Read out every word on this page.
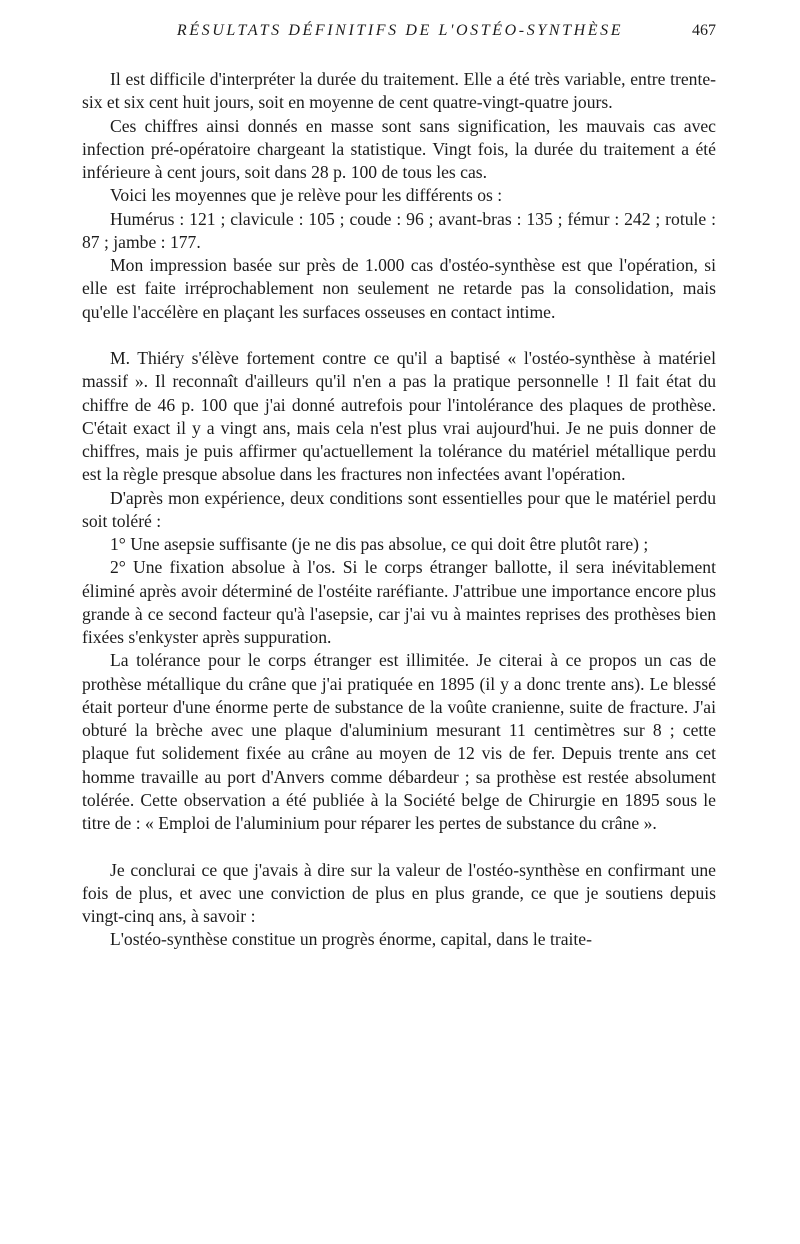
RÉSULTATS DÉFINITIFS DE L'OSTÉO-SYNTHÈSE	467

Il est difficile d'interpréter la durée du traitement. Elle a été très variable, entre trente-six et six cent huit jours, soit en moyenne de cent quatre-vingt-quatre jours.

Ces chiffres ainsi donnés en masse sont sans signification, les mauvais cas avec infection pré-opératoire chargeant la statistique. Vingt fois, la durée du traitement a été inférieure à cent jours, soit dans 28 p. 100 de tous les cas.

Voici les moyennes que je relève pour les différents os :

Humérus : 121 ; clavicule : 105 ; coude : 96 ; avant-bras : 135 ; fémur : 242 ; rotule : 87 ; jambe : 177.

Mon impression basée sur près de 1.000 cas d'ostéo-synthèse est que l'opération, si elle est faite irréprochablement non seulement ne retarde pas la consolidation, mais qu'elle l'accélère en plaçant les surfaces osseuses en contact intime.

M. Thiéry s'élève fortement contre ce qu'il a baptisé « l'ostéo-synthèse à matériel massif ». Il reconnaît d'ailleurs qu'il n'en a pas la pratique personnelle ! Il fait état du chiffre de 46 p. 100 que j'ai donné autrefois pour l'intolérance des plaques de prothèse. C'était exact il y a vingt ans, mais cela n'est plus vrai aujourd'hui. Je ne puis donner de chiffres, mais je puis affirmer qu'actuellement la tolérance du matériel métallique perdu est la règle presque absolue dans les fractures non infectées avant l'opération.

D'après mon expérience, deux conditions sont essentielles pour que le matériel perdu soit toléré :

1° Une asepsie suffisante (je ne dis pas absolue, ce qui doit être plutôt rare) ;

2° Une fixation absolue à l'os. Si le corps étranger ballotte, il sera inévitablement éliminé après avoir déterminé de l'ostéite raréfiante. J'attribue une importance encore plus grande à ce second facteur qu'à l'asepsie, car j'ai vu à maintes reprises des prothèses bien fixées s'enkyster après suppuration.

La tolérance pour le corps étranger est illimitée. Je citerai à ce propos un cas de prothèse métallique du crâne que j'ai pratiquée en 1895 (il y a donc trente ans). Le blessé était porteur d'une énorme perte de substance de la voûte cranienne, suite de fracture. J'ai obturé la brèche avec une plaque d'aluminium mesurant 11 centimètres sur 8 ; cette plaque fut solidement fixée au crâne au moyen de 12 vis de fer. Depuis trente ans cet homme travaille au port d'Anvers comme débardeur ; sa prothèse est restée absolument tolérée. Cette observation a été publiée à la Société belge de Chirurgie en 1895 sous le titre de : « Emploi de l'aluminium pour réparer les pertes de substance du crâne ».

Je conclurai ce que j'avais à dire sur la valeur de l'ostéo-synthèse en confirmant une fois de plus, et avec une conviction de plus en plus grande, ce que je soutiens depuis vingt-cinq ans, à savoir :

L'ostéo-synthèse constitue un progrès énorme, capital, dans le traite-
